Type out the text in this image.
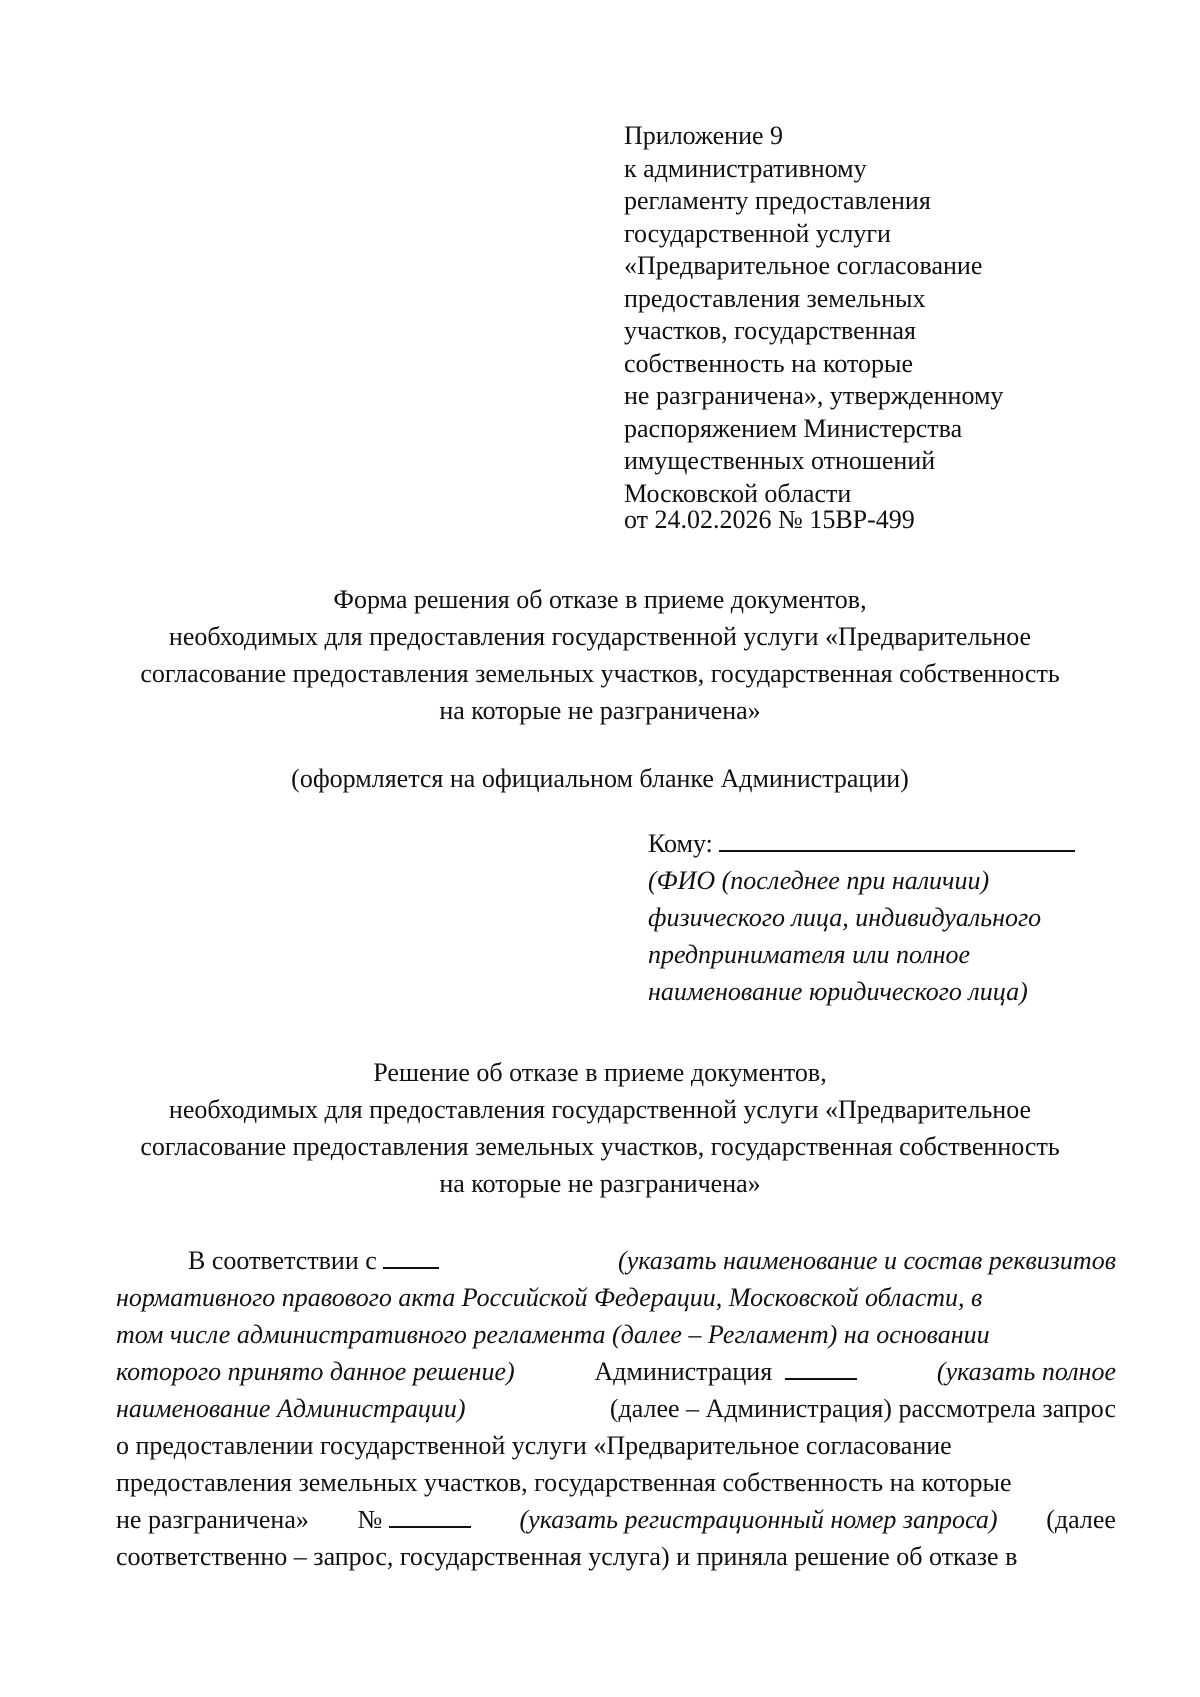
Приложение 9
к административному
регламенту предоставления
государственной услуги
«Предварительное согласование
предоставления земельных
участков, государственная
собственность на которые
не разграничена», утвержденному
распоряжением Министерства
имущественных отношений
Московской области
от 24.02.2026 № 15ВР-499
Форма решения об отказе в приеме документов,
необходимых для предоставления государственной услуги «Предварительное
согласование предоставления земельных участков, государственная собственность
на которые не разграничена»
(оформляется на официальном бланке Администрации)
Кому:
(ФИО (последнее при наличии)
физического лица, индивидуального
предпринимателя или полное
наименование юридического лица)
Решение об отказе в приеме документов,
необходимых для предоставления государственной услуги «Предварительное
согласование предоставления земельных участков, государственная собственность
на которые не разграничена»
В соответствии с	(указать наименование и состав реквизитов
нормативного правового акта Российской Федерации, Московской области, в
том числе административного регламента (далее – Регламент) на основании
которого принято данное решение)	Администрация	(указать полное
наименование Администрации)	(далее – Администрация) рассмотрела запрос
о предоставлении государственной услуги «Предварительное согласование
предоставления земельных участков, государственная собственность на которые
не разграничена» №	(указать регистрационный номер запроса) (далее
соответственно – запрос, государственная услуга) и приняла решение об отказе в
